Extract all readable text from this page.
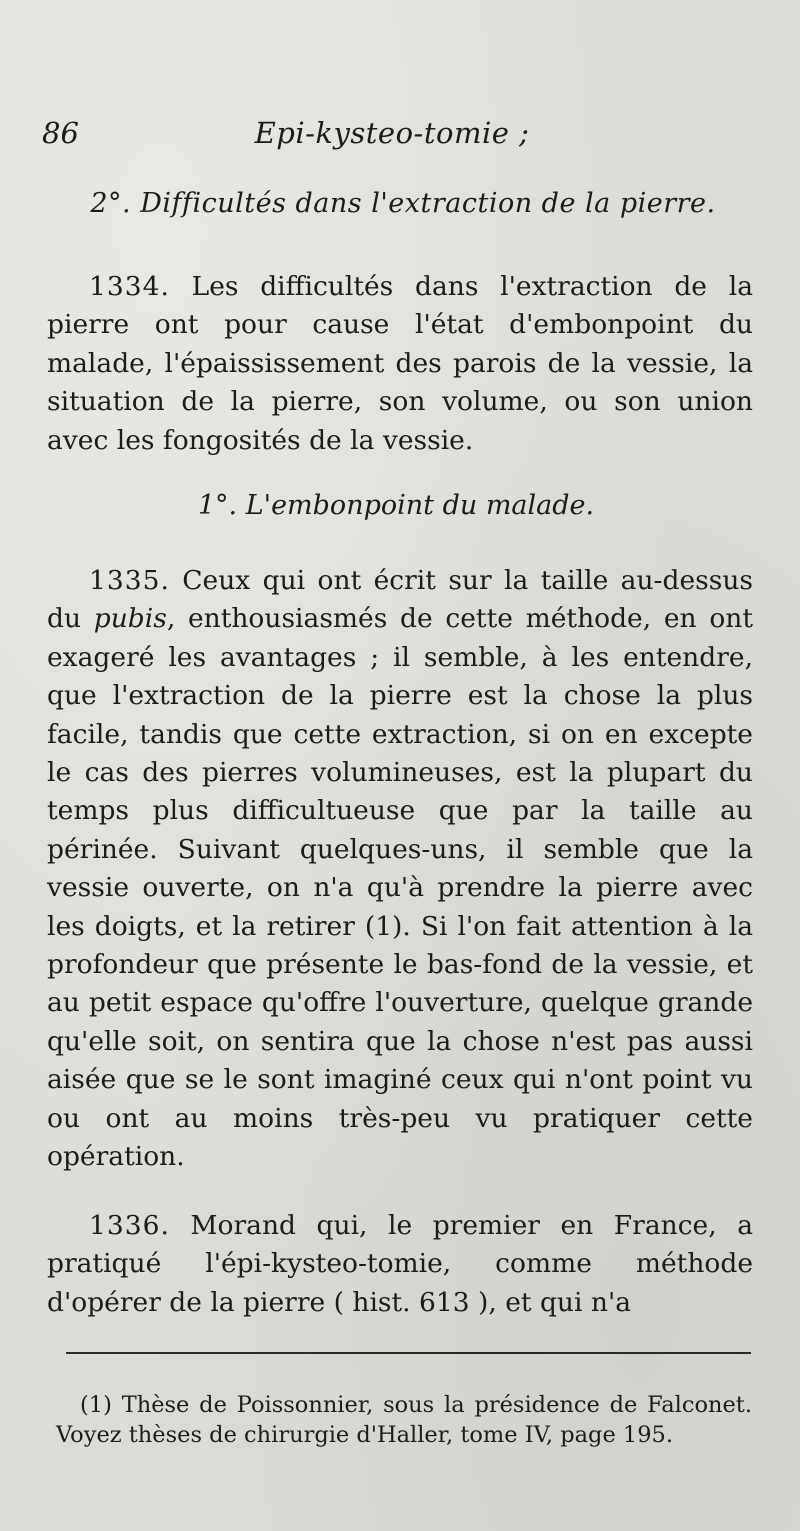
86	Epi-kysteo-tomie ;
2°. Difficultés dans l'extraction de la pierre.

1334. Les difficultés dans l'extraction de la pierre ont pour cause l'état d'embonpoint du malade, l'épaississement des parois de la vessie, la situation de la pierre, son volume, ou son union avec les fongosités de la vessie.

1°. L'embonpoint du malade.

1335. Ceux qui ont écrit sur la taille au-dessus du pubis, enthousiasmés de cette méthode, en ont exageré les avantages ; il semble, à les entendre, que l'extraction de la pierre est la chose la plus facile, tandis que cette extraction, si on en excepte le cas des pierres volumineuses, est la plupart du temps plus difficultueuse que par la taille au périnée. Suivant quelques-uns, il semble que la vessie ouverte, on n'a qu'à prendre la pierre avec les doigts, et la retirer (1). Si l'on fait attention à la profondeur que présente le bas-fond de la vessie, et au petit espace qu'offre l'ouverture, quelque grande qu'elle soit, on sentira que la chose n'est pas aussi aisée que se le sont imaginé ceux qui n'ont point vu ou ont au moins très-peu vu pratiquer cette opération.

1336. Morand qui, le premier en France, a pratiqué l'épi-kysteo-tomie, comme méthode d'opérer de la pierre ( hist. 613 ), et qui n'a

(1) Thèse de Poissonnier, sous la présidence de Falconet. Voyez thèses de chirurgie d'Haller, tome IV, page 195.
